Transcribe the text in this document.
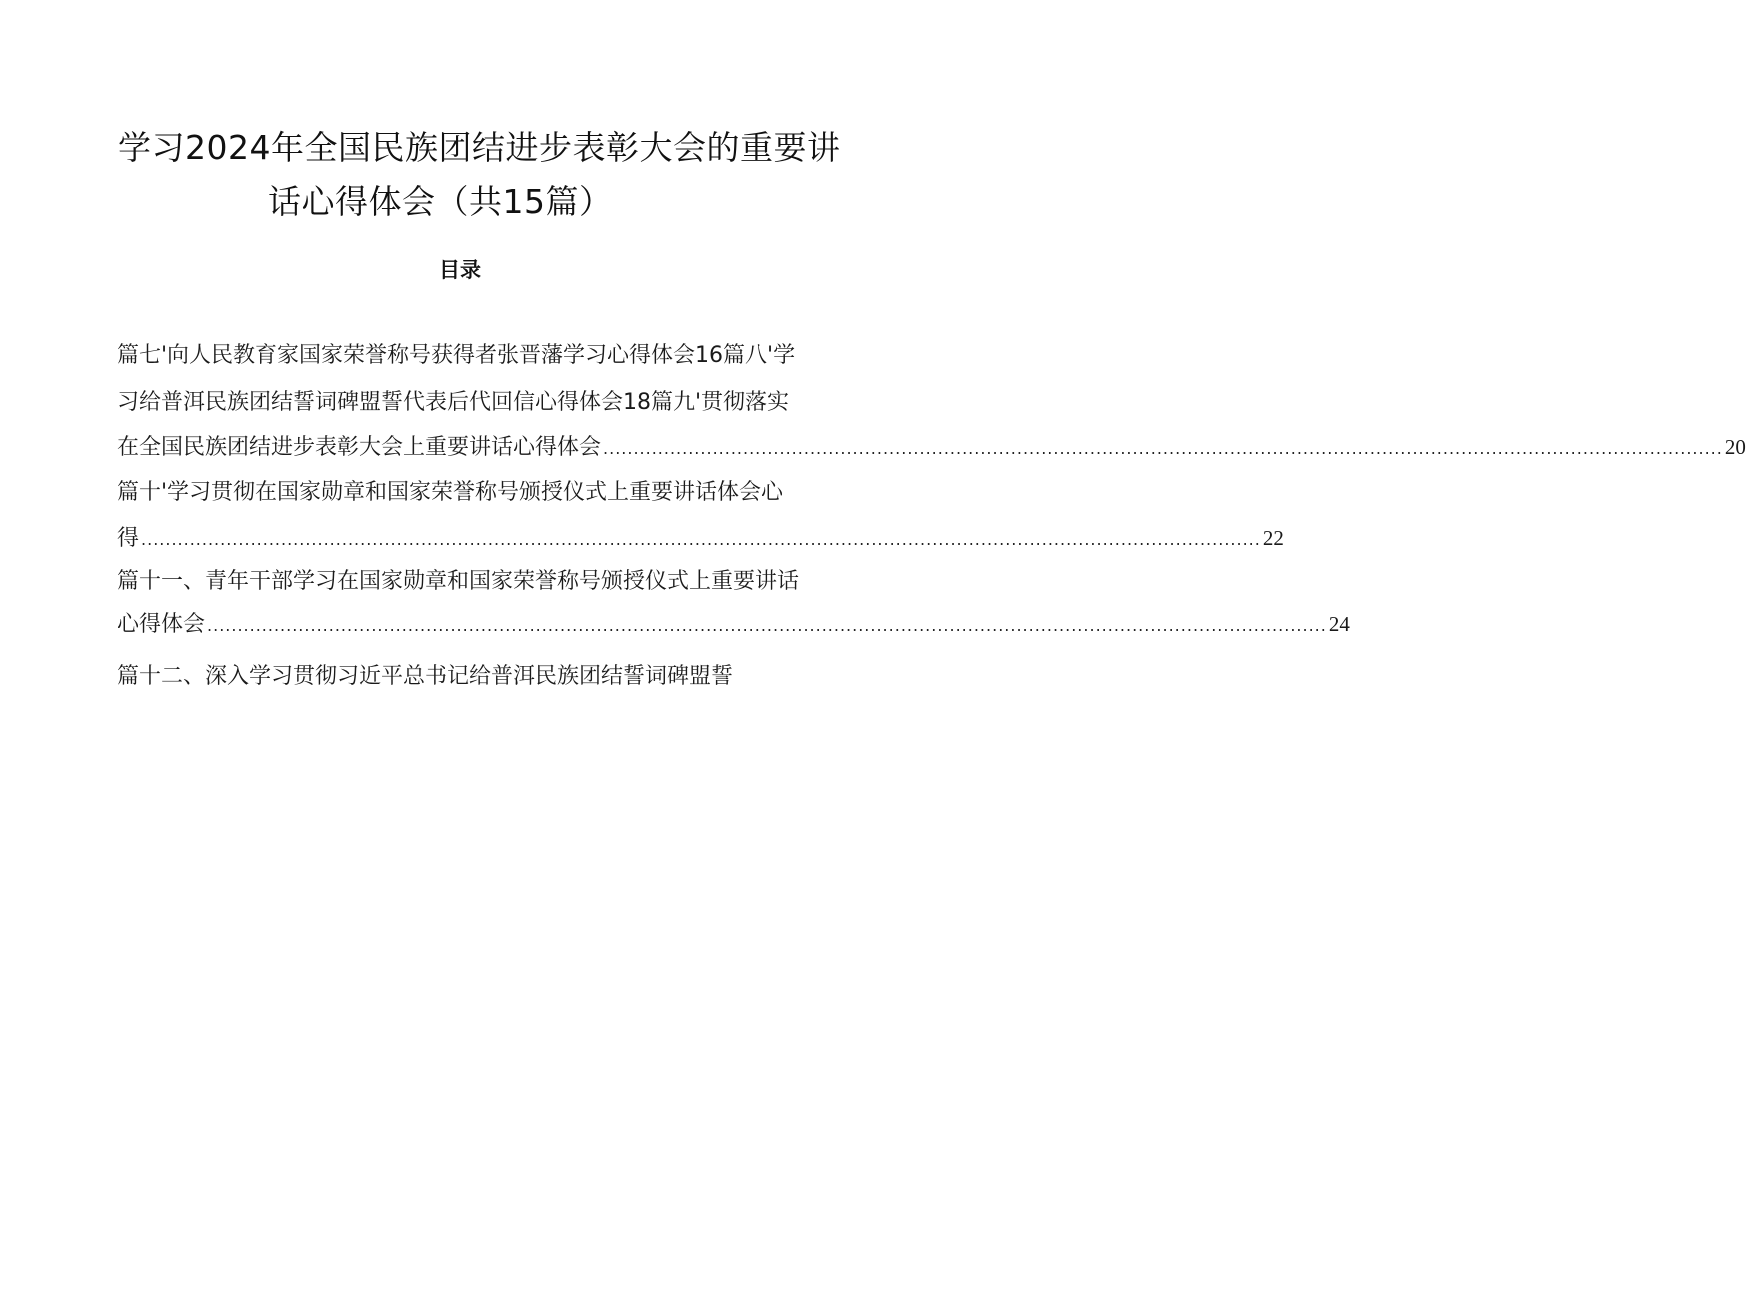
学习2024年全国民族团结进步表彰大会的重要讲
话心得体会（共15篇）
目录
篇七'向人民教育家国家荣誉称号获得者张晋藩学习心得体会16篇八'学
习给普洱民族团结誓词碑盟誓代表后代回信心得体会18篇九'贯彻落实
在全国民族团结进步表彰大会上重要讲话心得体会 ........................................................................................................................................................................................ 20
篇十'学习贯彻在国家勋章和国家荣誉称号颁授仪式上重要讲话体会心
得 ........................................................................................................................................................................................ 22
篇十一、青年干部学习在国家勋章和国家荣誉称号颁授仪式上重要讲话
心得体会 ........................................................................................................................................................................................ 24
篇十二、深入学习贯彻习近平总书记给普洱民族团结誓词碑盟誓
